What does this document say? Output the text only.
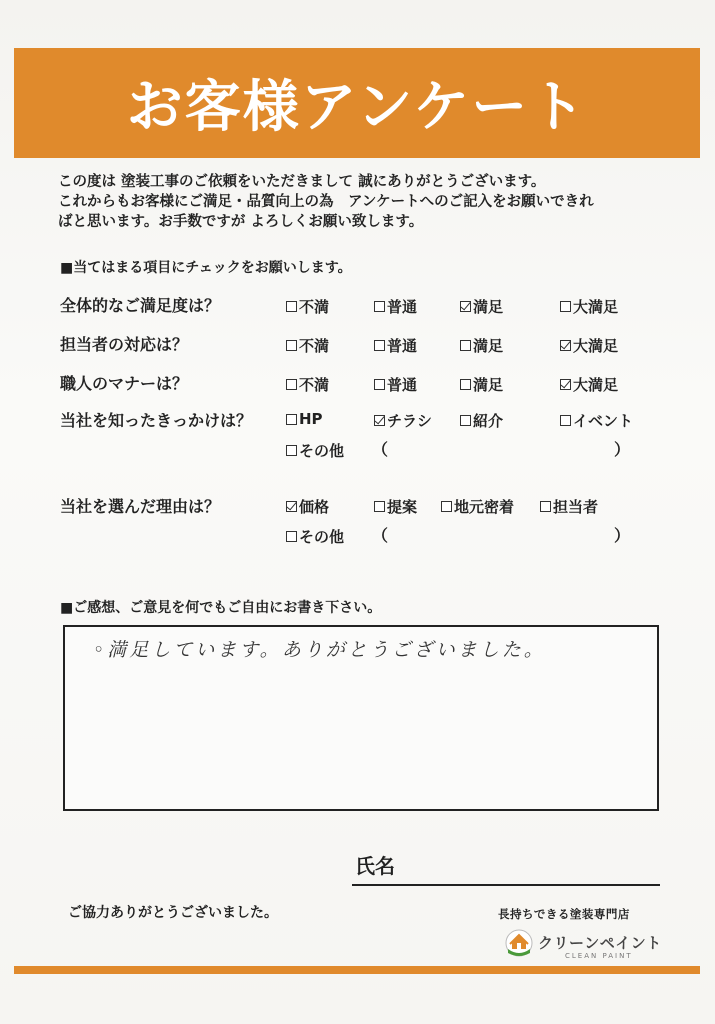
お客様アンケート
この度は 塗装工事のご依頼をいただきまして 誠にありがとうございます。
これからもお客様にご満足・品質向上の為　アンケートへのご記入をお願いできれ
ばと思います。お手数ですが よろしくお願い致します。
■当てはまる項目にチェックをお願いします。
全体的なご満足度は？	不満	普通	満足	大満足
担当者の対応は？	不満	普通	満足	大満足
職人のマナーは？	不満	普通	満足	大満足
当社を知ったきっかけは？	HP	チラシ	紹介	イベント
その他 （	）
当社を選んだ理由は？	価格	提案 地元密着	担当者
その他 （	）
■ご感想、ご意見を何でもご自由にお書き下さい。
◦満足しています。ありがとうございました。
氏名
ご協力ありがとうございました。	長持ちできる塗装専門店
クリーンペイント
CLEAN PAINT
